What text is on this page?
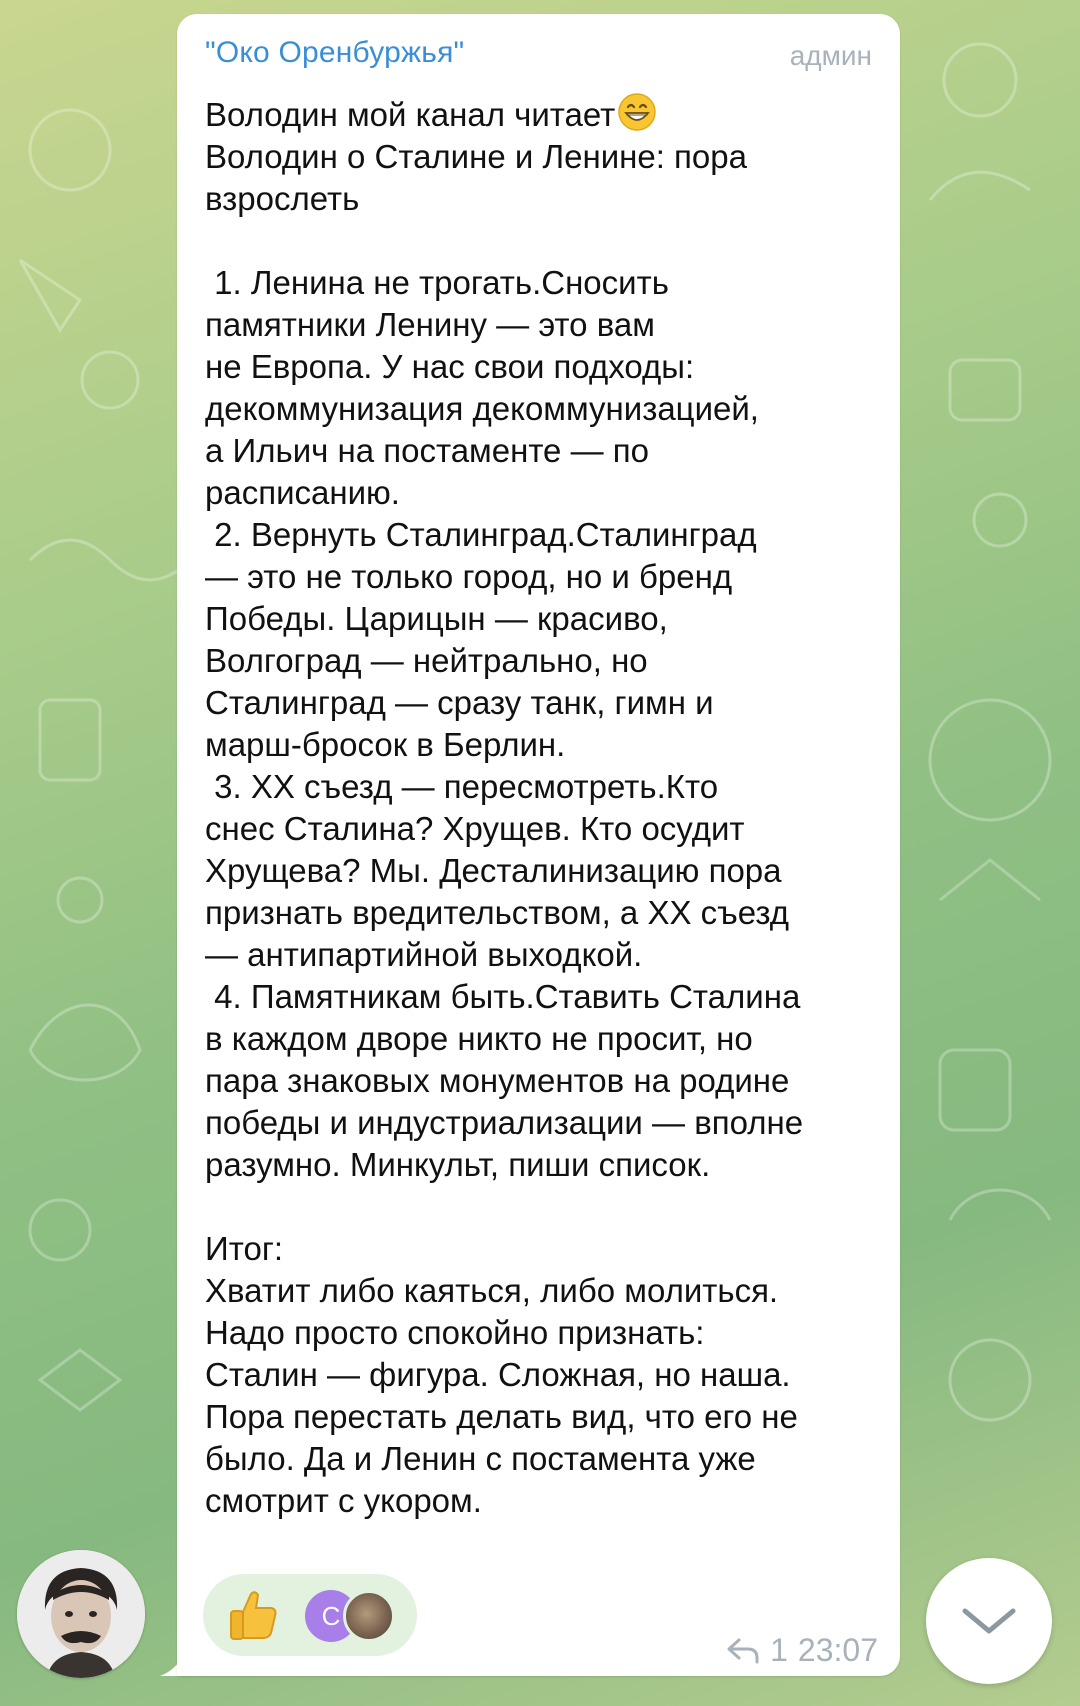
"Око Оренбуржья"	админ
Володин мой канал читает
Володин о Сталине и Ленине: пора
взрослеть

1. Ленина не трогать.Сносить
памятники Ленину — это вам
не Европа. У нас свои подходы:
декоммунизация декоммунизацией,
а Ильич на постаменте — по
расписанию.
2. Вернуть Сталинград.Сталинград
— это не только город, но и бренд
Победы. Царицын — красиво,
Волгоград — нейтрально, но
Сталинград — сразу танк, гимн и
марш-бросок в Берлин.
3. XX съезд — пересмотреть.Кто
снес Сталина? Хрущев. Кто осудит
Хрущева? Мы. Десталинизацию пора
признать вредительством, а XX съезд
— антипартийной выходкой.
4. Памятникам быть.Ставить Сталина
в каждом дворе никто не просит, но
пара знаковых монументов на родине
победы и индустриализации — вполне
разумно. Минкульт, пиши список.

Итог:
Хватит либо каяться, либо молиться.
Надо просто спокойно признать:
Сталин — фигура. Сложная, но наша.
Пора перестать делать вид, что его не
было. Да и Ленин с постамента уже
смотрит с укором.
С
1 23:07
